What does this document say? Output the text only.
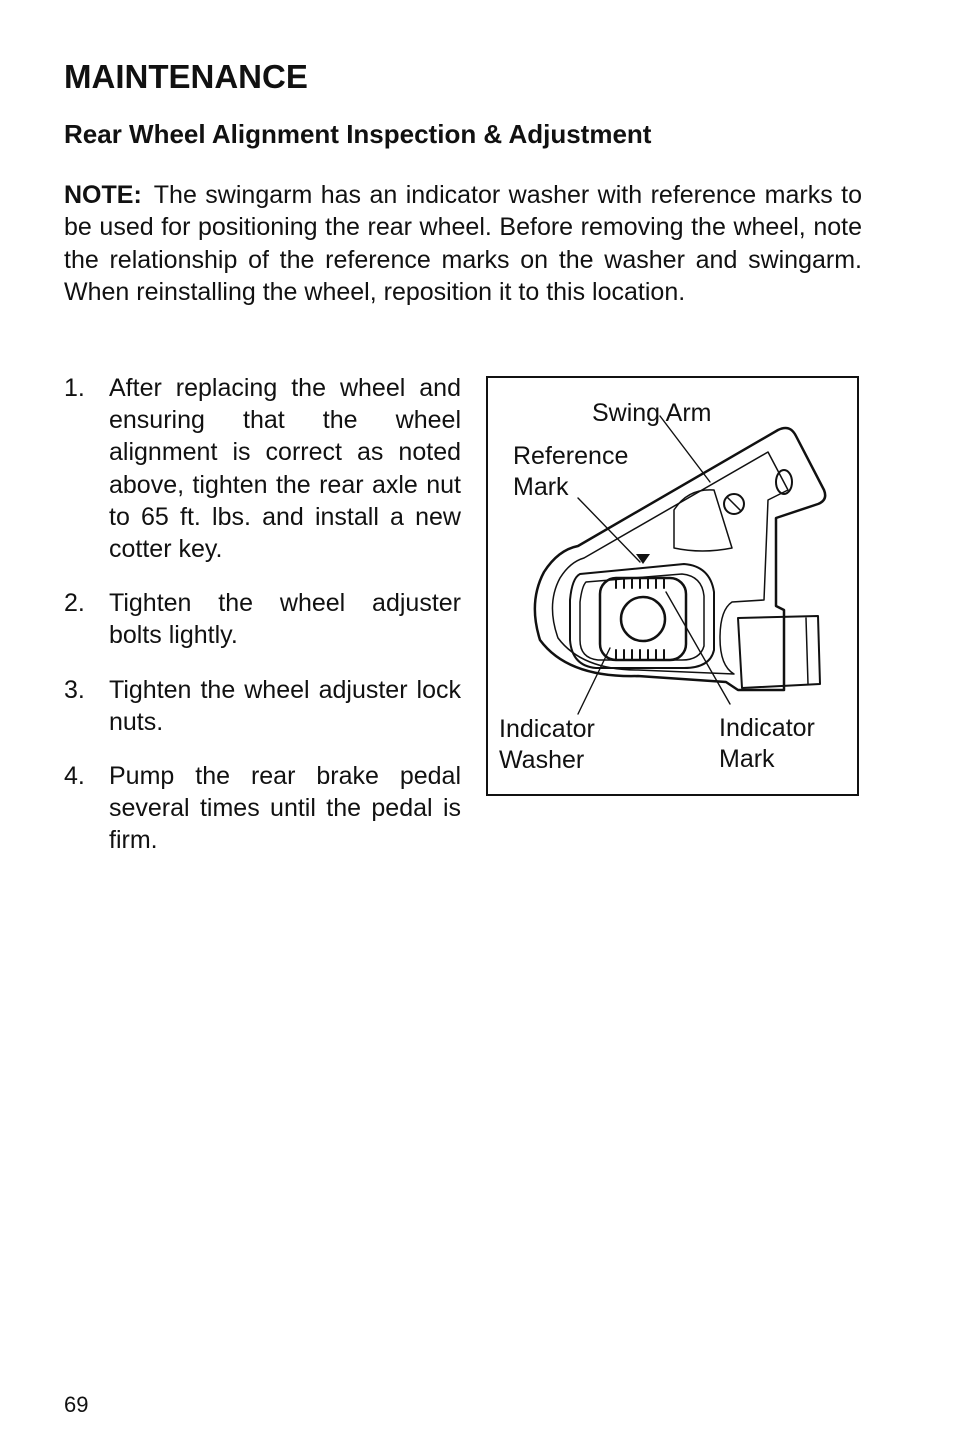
MAINTENANCE
Rear Wheel Alignment Inspection & Adjustment

NOTE: The swingarm has an indicator washer with reference marks to be used for positioning the rear wheel. Before removing the wheel, note the relationship of the reference marks on the washer and swingarm. When reinstalling the wheel, reposition it to this location.

1. After replacing the wheel and ensuring that the wheel alignment is correct as noted above, tighten the rear axle nut to 65 ft. lbs. and install a new cotter key.
2. Tighten the wheel adjuster bolts lightly.
3. Tighten the wheel adjuster lock nuts.
4. Pump the rear brake pedal several times until the pedal is firm.
Swing Arm
Reference
Mark
Indicator
Washer
Indicator
Mark
69
